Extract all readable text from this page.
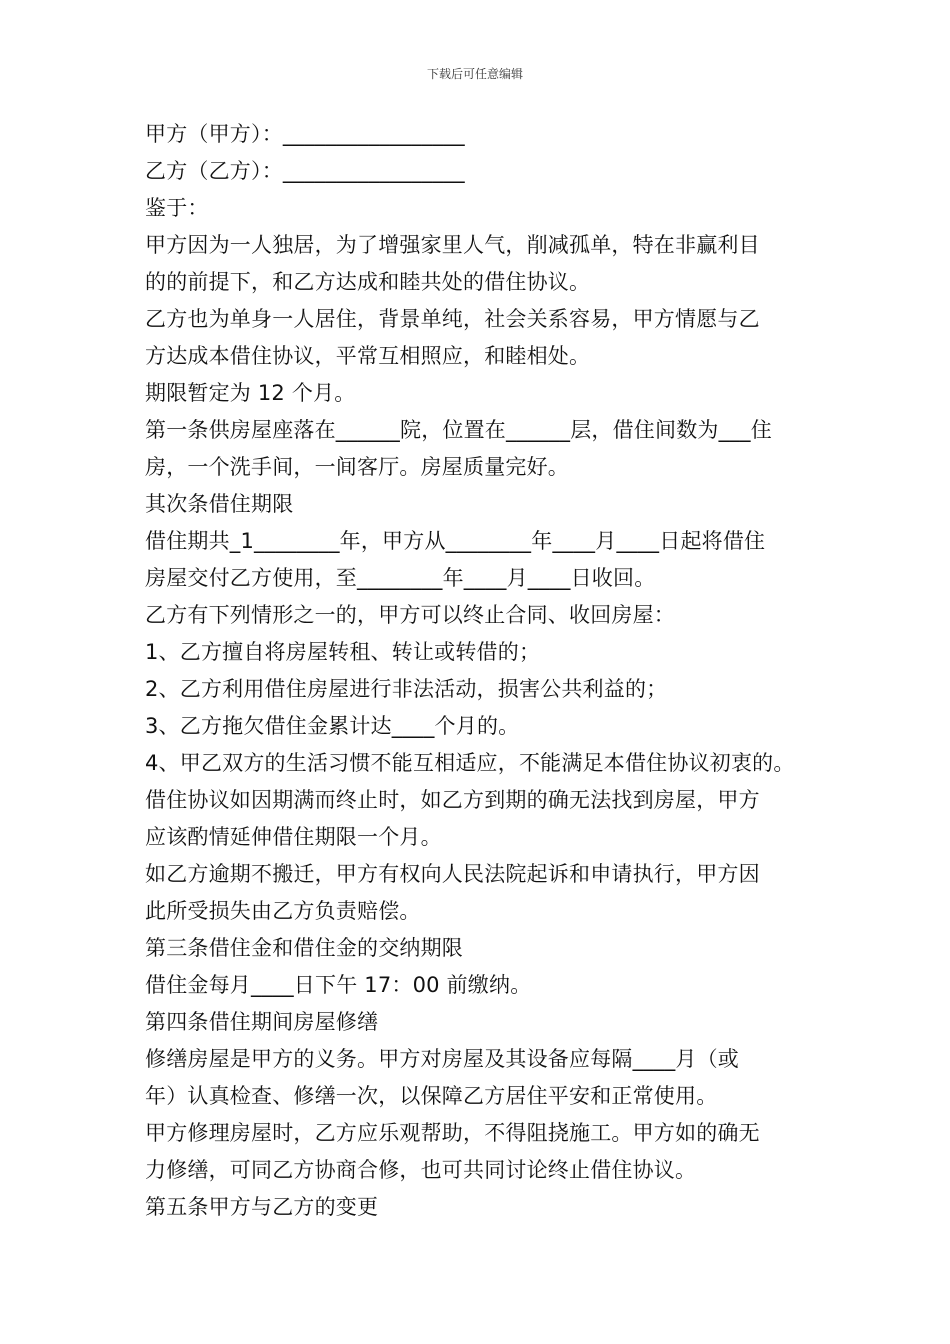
下载后可任意编辑
甲方（甲方）：_________________
乙方（乙方）：_________________
鉴于：
甲方因为一人独居，为了增强家里人气，削减孤单，特在非赢利目
的的前提下，和乙方达成和睦共处的借住协议。
乙方也为单身一人居住，背景单纯，社会关系容易，甲方情愿与乙
方达成本借住协议，平常互相照应，和睦相处。
期限暂定为 12 个月。
第一条供房屋座落在______院，位置在______层，借住间数为___住
房，一个洗手间，一间客厅。房屋质量完好。
其次条借住期限
借住期共_1________年，甲方从________年____月____日起将借住
房屋交付乙方使用，至________年____月____日收回。
乙方有下列情形之一的，甲方可以终止合同、收回房屋：
1、乙方擅自将房屋转租、转让或转借的；
2、乙方利用借住房屋进行非法活动，损害公共利益的；
3、乙方拖欠借住金累计达____个月的。
4、甲乙双方的生活习惯不能互相适应，不能满足本借住协议初衷的。
借住协议如因期满而终止时，如乙方到期的确无法找到房屋，甲方
应该酌情延伸借住期限一个月。
如乙方逾期不搬迁，甲方有权向人民法院起诉和申请执行，甲方因
此所受损失由乙方负责赔偿。
第三条借住金和借住金的交纳期限
借住金每月____日下午 17：00 前缴纳。
第四条借住期间房屋修缮
修缮房屋是甲方的义务。甲方对房屋及其设备应每隔____月（或
年）认真检查、修缮一次，以保障乙方居住平安和正常使用。
甲方修理房屋时，乙方应乐观帮助，不得阻挠施工。甲方如的确无
力修缮，可同乙方协商合修，也可共同讨论终止借住协议。
第五条甲方与乙方的变更
